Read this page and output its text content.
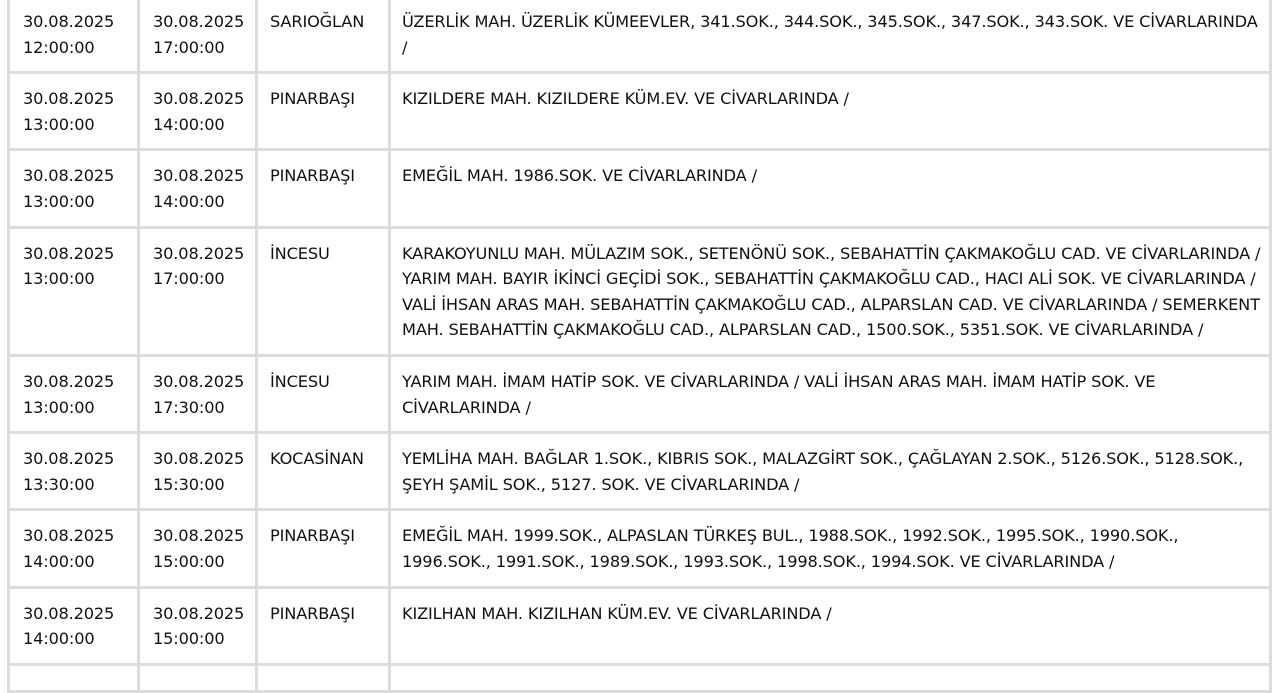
30.08.2025
12:00:00	30.08.2025
17:00:00	SARIOĞLAN	ÜZERLİK MAH. ÜZERLİK KÜMEEVLER, 341.SOK., 344.SOK., 345.SOK., 347.SOK., 343.SOK. VE CİVARLARINDA /

30.08.2025
13:00:00	30.08.2025
14:00:00	PINARBAŞI	KIZILDERE MAH. KIZILDERE KÜM.EV. VE CİVARLARINDA /

30.08.2025
13:00:00	30.08.2025
14:00:00	PINARBAŞI	EMEĞİL MAH. 1986.SOK. VE CİVARLARINDA /

30.08.2025
13:00:00	30.08.2025
17:00:00	İNCESU	KARAKOYUNLU MAH. MÜLAZIM SOK., SETENÖNÜ SOK., SEBAHATTİN ÇAKMAKOĞLU CAD. VE CİVARLARINDA / YARIM MAH. BAYIR İKİNCİ GEÇİDİ SOK., SEBAHATTİN ÇAKMAKOĞLU CAD., HACI ALİ SOK. VE CİVARLARINDA / VALİ İHSAN ARAS MAH. SEBAHATTİN ÇAKMAKOĞLU CAD., ALPARSLAN CAD. VE CİVARLARINDA / SEMERKENT MAH. SEBAHATTİN ÇAKMAKOĞLU CAD., ALPARSLAN CAD., 1500.SOK., 5351.SOK. VE CİVARLARINDA /

30.08.2025
13:00:00	30.08.2025
17:30:00	İNCESU	YARIM MAH. İMAM HATİP SOK. VE CİVARLARINDA / VALİ İHSAN ARAS MAH. İMAM HATİP SOK. VE CİVARLARINDA /

30.08.2025
13:30:00	30.08.2025
15:30:00	KOCASİNAN	YEMLİHA MAH. BAĞLAR 1.SOK., KIBRIS SOK., MALAZGİRT SOK., ÇAĞLAYAN 2.SOK., 5126.SOK., 5128.SOK., ŞEYH ŞAMİL SOK., 5127. SOK. VE CİVARLARINDA /

30.08.2025
14:00:00	30.08.2025
15:00:00	PINARBAŞI	EMEĞİL MAH. 1999.SOK., ALPASLAN TÜRKEŞ BUL., 1988.SOK., 1992.SOK., 1995.SOK., 1990.SOK., 1996.SOK., 1991.SOK., 1989.SOK., 1993.SOK., 1998.SOK., 1994.SOK. VE CİVARLARINDA /

30.08.2025
14:00:00	30.08.2025
15:00:00	PINARBAŞI	KIZILHAN MAH. KIZILHAN KÜM.EV. VE CİVARLARINDA /
